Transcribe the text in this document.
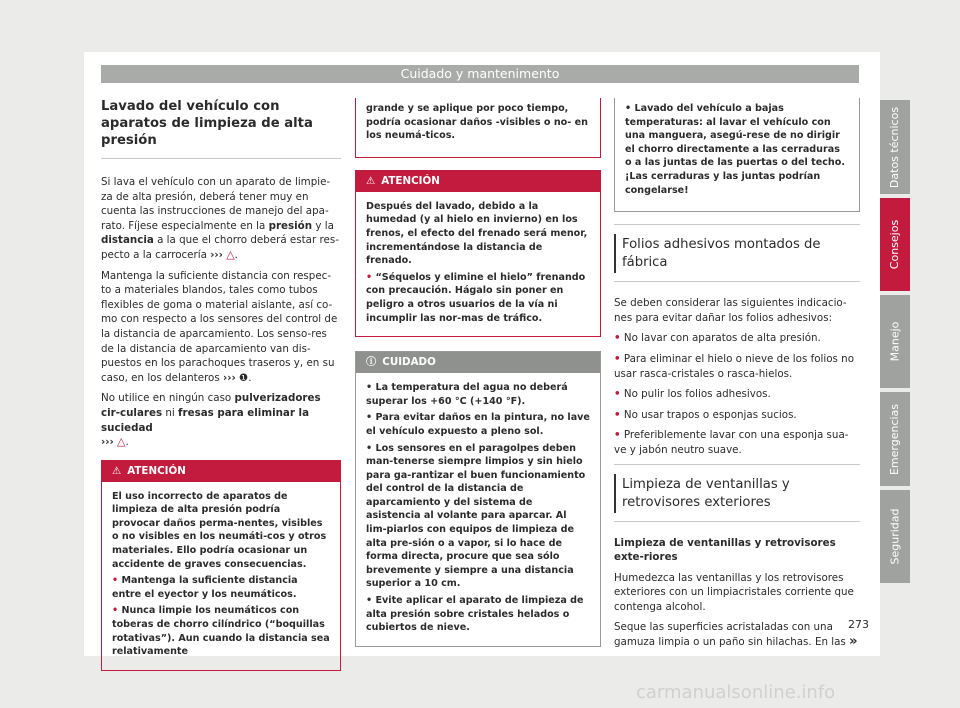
Cuidado y mantenimento
Lavado del vehículo con aparatos de limpieza de alta presión

Si lava el vehículo con un aparato de limpie-za de alta presión, deberá tener muy en cuenta las instrucciones de manejo del apa-rato. Fíjese especialmente en la presión y la distancia a la que el chorro deberá estar res-pecto a la carrocería ››› △.

Mantenga la suficiente distancia con respec-to a materiales blandos, tales como tubos flexibles de goma o material aislante, así co-mo con respecto a los sensores del control de la distancia de aparcamiento. Los senso-res de la distancia de aparcamiento van dis-puestos en los parachoques traseros y, en su caso, en los delanteros ››› ❶.

No utilice en ningún caso pulverizadores cir-culares ni fresas para eliminar la suciedad
››› △.

⚠ ATENCIÓN

El uso incorrecto de aparatos de limpieza de alta presión podría provocar daños perma-nentes, visibles o no visibles en los neumáti-cos y otros materiales. Ello podría ocasionar un accidente de graves consecuencias.

• Mantenga la suficiente distancia entre el eyector y los neumáticos.

• Nunca limpie los neumáticos con toberas de chorro cilíndrico (“boquillas rotativas”). Aun cuando la distancia sea relativamente

grande y se aplique por poco tiempo, podría ocasionar daños -visibles o no- en los neumá-ticos.

⚠ ATENCIÓN

Después del lavado, debido a la humedad (y al hielo en invierno) en los frenos, el efecto del frenado será menor, incrementándose la distancia de frenado.

• “Séquelos y elimine el hielo” frenando con precaución. Hágalo sin poner en peligro a otros usuarios de la vía ni incumplir las nor-mas de tráfico.

ⓘ CUIDADO

• La temperatura del agua no deberá superar los +60 °C (+140 °F).

• Para evitar daños en la pintura, no lave el vehículo expuesto a pleno sol.

• Los sensores en el paragolpes deben man-tenerse siempre limpios y sin hielo para ga-rantizar el buen funcionamiento del control de la distancia de aparcamiento y del sistema de asistencia al volante para aparcar. Al lim-piarlos con equipos de limpieza de alta pre-sión o a vapor, si lo hace de forma directa, procure que sea sólo brevemente y siempre a una distancia superior a 10 cm.

• Evite aplicar el aparato de limpieza de alta presión sobre cristales helados o cubiertos de nieve.

• Lavado del vehículo a bajas temperaturas: al lavar el vehículo con una manguera, asegú-rese de no dirigir el chorro directamente a las cerraduras o a las juntas de las puertas o del techo. ¡Las cerraduras y las juntas podrían congelarse!

Folios adhesivos montados de fábrica

Se deben considerar las siguientes indicacio-nes para evitar dañar los folios adhesivos:

• No lavar con aparatos de alta presión.

• Para eliminar el hielo o nieve de los folios no usar rasca-cristales o rasca-hielos.

• No pulir los folios adhesivos.

• No usar trapos o esponjas sucios.

• Preferiblemente lavar con una esponja sua-ve y jabón neutro suave.

Limpieza de ventanillas y retrovisores exteriores

Limpieza de ventanillas y retrovisores exte-riores

Humedezca las ventanillas y los retrovisores exteriores con un limpiacristales corriente que contenga alcohol.

Seque las superficies acristaladas con una gamuza limpia o un paño sin hilachas. En las »

Datos técnicos
Consejos
Manejo
Emergencias
Seguridad
273
carmanualsonline.info
